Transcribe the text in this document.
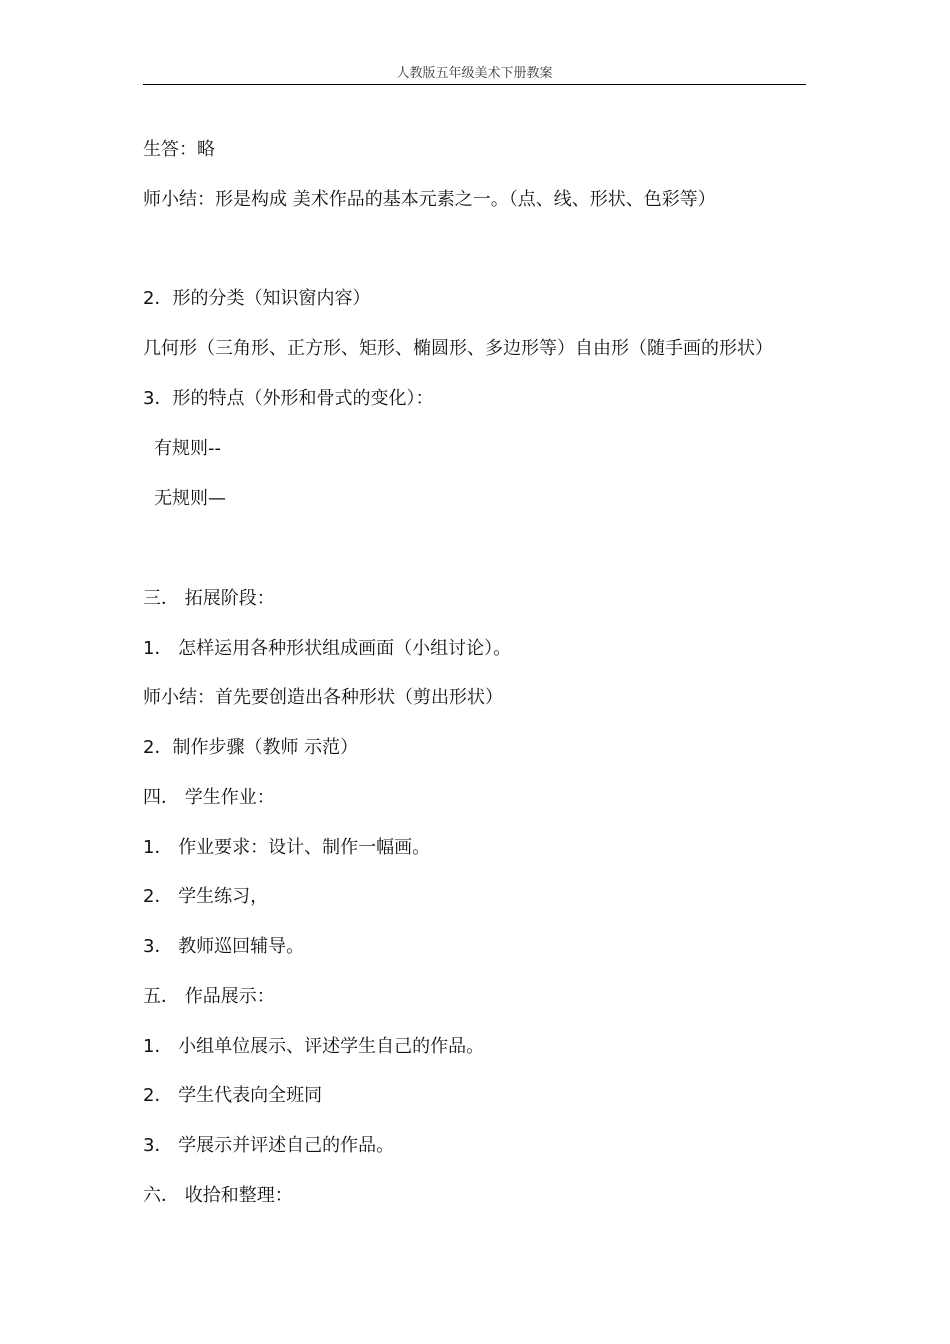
人教版五年级美术下册教案
生答：略
师小结：形是构成 美术作品的基本元素之一。（点、线、形状、色彩等）
2．形的分类（知识窗内容）
几何形（三角形、正方形、矩形、椭圆形、多边形等）自由形（随手画的形状）
3．形的特点（外形和骨式的变化）：
有规则--
无规则—
三． 拓展阶段：
1． 怎样运用各种形状组成画面（小组讨论）。
师小结：首先要创造出各种形状（剪出形状）
2．制作步骤（教师 示范）
四． 学生作业：
1． 作业要求：设计、制作一幅画。
2． 学生练习，
3． 教师巡回辅导。
五． 作品展示：
1． 小组单位展示、评述学生自己的作品。
2． 学生代表向全班同
3． 学展示并评述自己的作品。
六． 收拾和整理：
